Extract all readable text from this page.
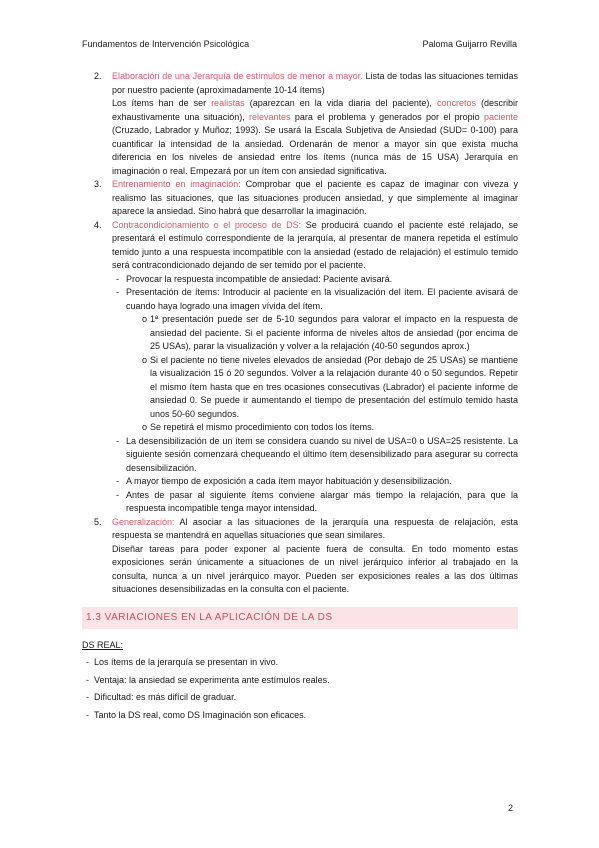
Fundamentos de Intervención Psicológica	Paloma Guijarro Revilla

2. Elaboración de una Jerarquía de estímulos de menor a mayor. Lista de todas las situaciones temidas por nuestro paciente (aproximadamente 10-14 ítems)

Los ítems han de ser realistas (aparezcan en la vida diaria del paciente), concretos (describir exhaustivamente una situación), relevantes para el problema y generados por el propio paciente (Cruzado, Labrador y Muñoz; 1993). Se usará la Escala Subjetiva de Ansiedad (SUD= 0-100) para cuantificar la intensidad de la ansiedad. Ordenarán de menor a mayor sin que exista mucha diferencia en los niveles de ansiedad entre los ítems (nunca más de 15 USA) Jerarquía en imaginación o real. Empezará por un ítem con ansiedad significativa.

3. Entrenamiento en imaginación: Comprobar que el paciente es capaz de imaginar con viveza y realismo las situaciones, que las situaciones producen ansiedad, y que simplemente al imaginar aparece la ansiedad. Sino habrá que desarrollar la imaginación.

4. Contracondicionamiento o el proceso de DS: Se producirá cuando el paciente esté relajado, se presentará el estímulo correspondiente de la jerarquía, al presentar de manera repetida el estímulo temido junto a una respuesta incompatible con la ansiedad (estado de relajación) el estímulo temido será contracondicionado dejando de ser temido por el paciente.

- Provocar la respuesta incompatible de ansiedad: Paciente avisará.

- Presentación de ítems: Introducir al paciente en la visualización del ítem. El paciente avisará de cuando haya logrado una imagen vívida del ítem.

o 1ª presentación puede ser de 5-10 segundos para valorar el impacto en la respuesta de ansiedad del paciente. Si el paciente informa de niveles altos de ansiedad (por encima de 25 USAs), parar la visualización y volver a la relajación (40-50 segundos aprox.)

o Si el paciente no tiene niveles elevados de ansiedad (Por debajo de 25 USAs) se mantiene la visualización 15 ó 20 segundos. Volver a la relajación durante 40 o 50 segundos. Repetir el mismo ítem hasta que en tres ocasiones consecutivas (Labrador) el paciente informe de ansiedad 0. Se puede ir aumentando el tiempo de presentación del estímulo temido hasta unos 50-60 segundos.

o Se repetirá el mismo procedimiento con todos los ítems.

- La desensibilización de un ítem se considera cuando su nivel de USA=0 o USA=25 resistente. La siguiente sesión comenzará chequeando el último ítem desensibilizado para asegurar su correcta desensibilización.

- A mayor tiempo de exposición a cada ítem mayor habituación y desensibilización.

- Antes de pasar al siguiente ítems conviene alargar más tiempo la relajación, para que la respuesta incompatible tenga mayor intensidad.

5. Generalización: Al asociar a las situaciones de la jerarquía una respuesta de relajación, esta respuesta se mantendrá en aquellas situaciones que sean similares.

Diseñar tareas para poder exponer al paciente fuera de consulta. En todo momento estas exposiciones serán únicamente a situaciones de un nivel jerárquico inferior al trabajado en la consulta, nunca a un nivel jerárquico mayor. Pueden ser exposiciones reales a las dos últimas situaciones desensibilizadas en la consulta con el paciente.

1.3 VARIACIONES EN LA APLICACIÓN DE LA DS

DS REAL:

- Los ítems de la jerarquía se presentan in vivo.

- Ventaja: la ansiedad se experimenta ante estímulos reales.

- Dificultad: es más difícil de graduar.

- Tanto la DS real, como DS Imaginación son eficaces.

2
